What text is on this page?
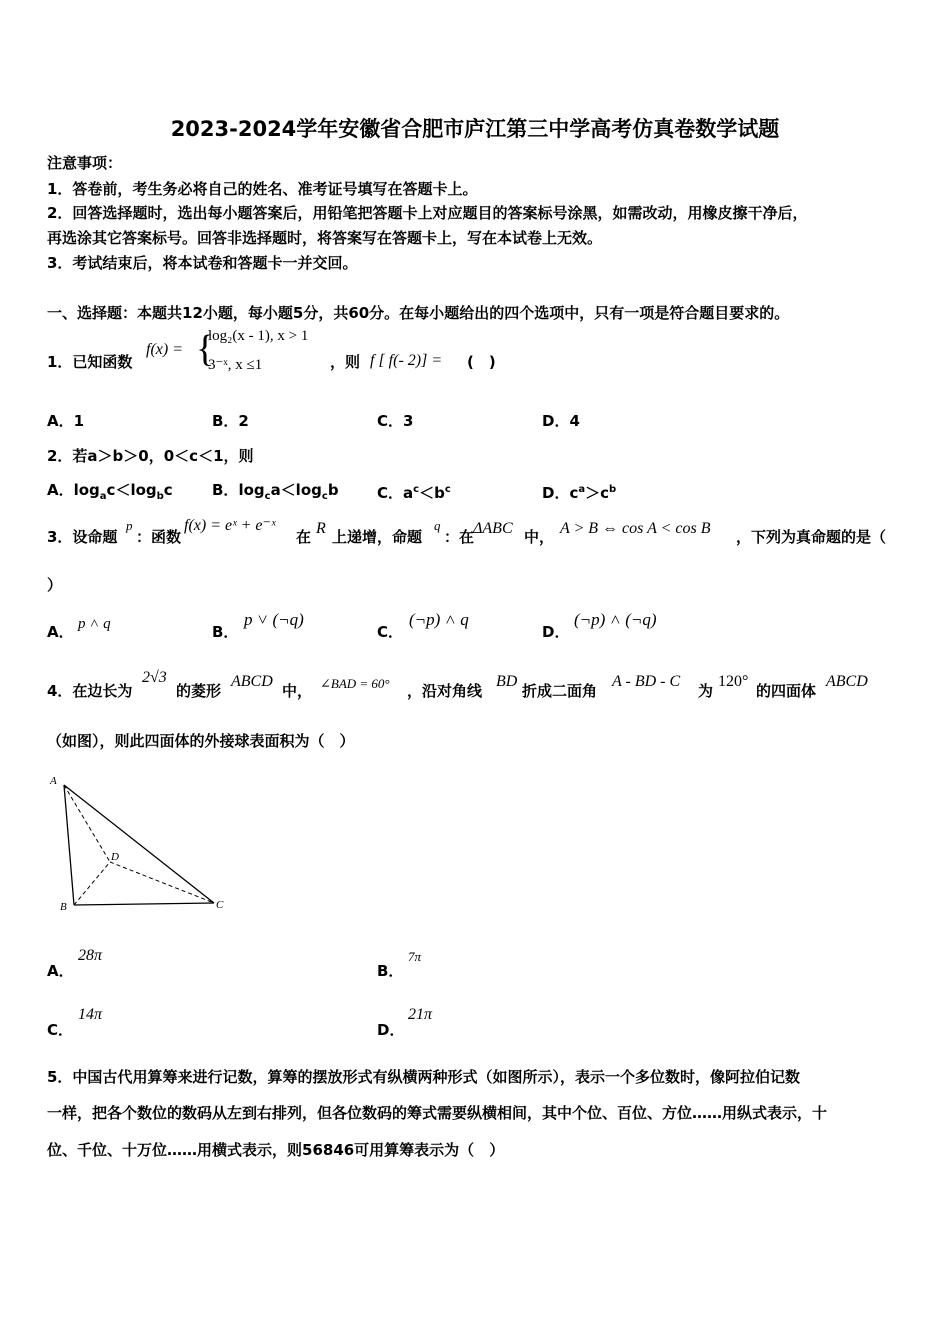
2023-2024学年安徽省合肥市庐江第三中学高考仿真卷数学试题
注意事项：
1．答卷前，考生务必将自己的姓名、准考证号填写在答题卡上。
2．回答选择题时，选出每小题答案后，用铅笔把答题卡上对应题目的答案标号涂黑，如需改动，用橡皮擦干净后，
再选涂其它答案标号。回答非选择题时，将答案写在答题卡上，写在本试卷上无效。
3．考试结束后，将本试卷和答题卡一并交回。
一、选择题：本题共12小题，每小题5分，共60分。在每小题给出的四个选项中，只有一项是符合题目要求的。
1．已知函数
f(x) = {
log₂(x - 1), x > 1
3⁻ˣ, x ≤1	，则 f [ f(- 2)] = (　)
A．1	B．2	C．3	D．4
2．若a＞b＞0，0＜c＜1，则
A．$\log_ac<\log_bc$	B．$\log_ca<\log_cb$	C．$a^c<b^c$	D．$c^a>c^b$
3．设命题
p
：函数
f(x) = eˣ + e⁻ˣ
在 R 上递增，命题
q
：在
ΔABC 中， A > B ⇔ cos A < cos B ，下列为真命题的是（
）
A． p ˄ q	B．
p ˅ (¬q)
C．
(¬p) ˄ q
D．
(¬p) ˄ (¬q)
4．在边长为
2√3
的菱形
ABCD
中， ∠BAD = 60° ，沿对角线
BD
折成二面角
A - BD - C
为
120°
的四面体
ABCD
（如图），则此四面体的外接球表面积为（　）
A
D
B	C
A．
28π
B．
7π
C．
14π
D．
21π
5．中国古代用算筹来进行记数，算筹的摆放形式有纵横两种形式（如图所示），表示一个多位数时，像阿拉伯记数
一样，把各个数位的数码从左到右排列，但各位数码的筹式需要纵横相间，其中个位、百位、方位……用纵式表示，十
位、千位、十万位……用横式表示，则56846可用算筹表示为（　）
